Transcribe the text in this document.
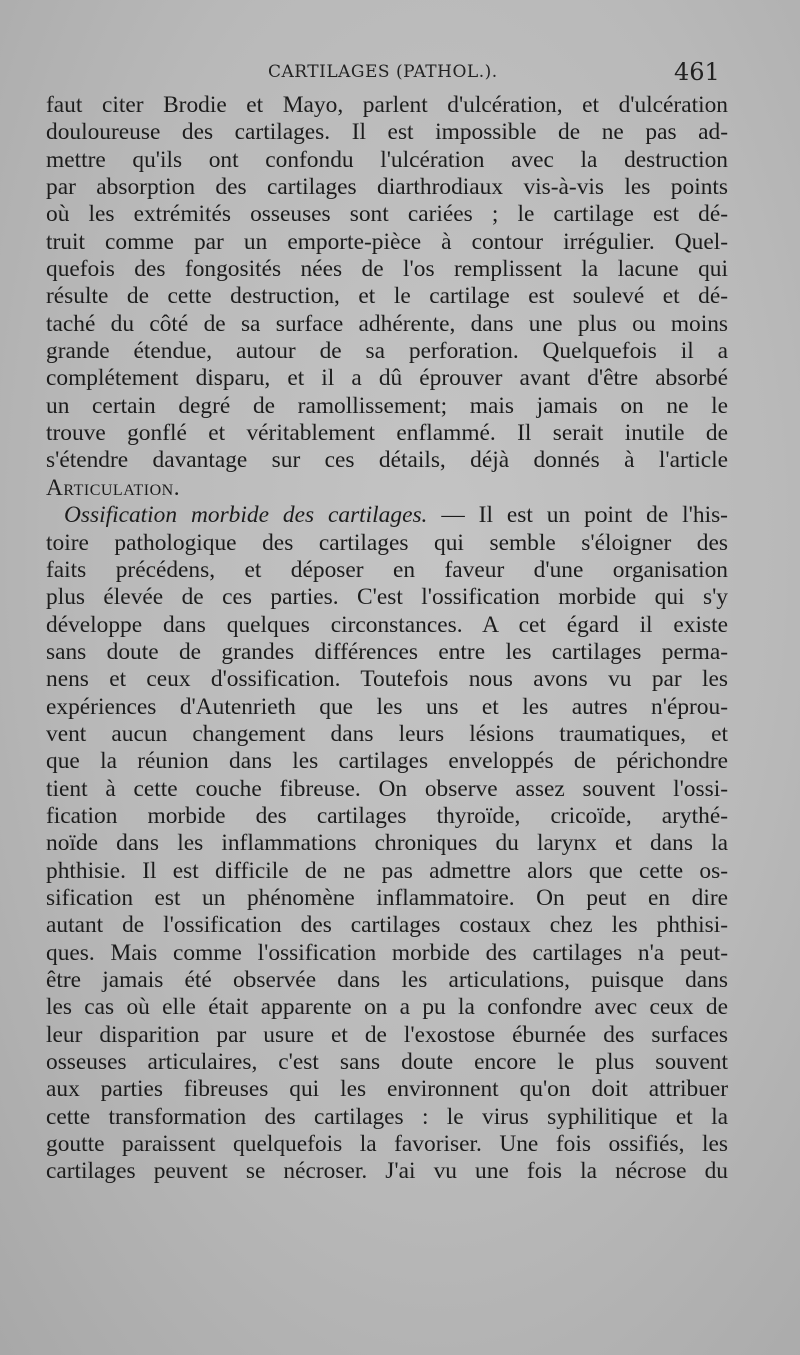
CARTILAGES (PATHOL.).	461
faut citer Brodie et Mayo, parlent d'ulcération, et d'ulcération
douloureuse des cartilages. Il est impossible de ne pas ad-
mettre qu'ils ont confondu l'ulcération avec la destruction
par absorption des cartilages diarthrodiaux vis-à-vis les points
où les extrémités osseuses sont cariées ; le cartilage est dé-
truit comme par un emporte-pièce à contour irrégulier. Quel-
quefois des fongosités nées de l'os remplissent la lacune qui
résulte de cette destruction, et le cartilage est soulevé et dé-
taché du côté de sa surface adhérente, dans une plus ou moins
grande étendue, autour de sa perforation. Quelquefois il a
complétement disparu, et il a dû éprouver avant d'être absorbé
un certain degré de ramollissement; mais jamais on ne le
trouve gonflé et véritablement enflammé. Il serait inutile de
s'étendre davantage sur ces détails, déjà donnés à l'article
Articulation.
Ossification morbide des cartilages. — Il est un point de l'his-
toire pathologique des cartilages qui semble s'éloigner des
faits précédens, et déposer en faveur d'une organisation
plus élevée de ces parties. C'est l'ossification morbide qui s'y
développe dans quelques circonstances. A cet égard il existe
sans doute de grandes différences entre les cartilages perma-
nens et ceux d'ossification. Toutefois nous avons vu par les
expériences d'Autenrieth que les uns et les autres n'éprou-
vent aucun changement dans leurs lésions traumatiques, et
que la réunion dans les cartilages enveloppés de périchondre
tient à cette couche fibreuse. On observe assez souvent l'ossi-
fication morbide des cartilages thyroïde, cricoïde, arythé-
noïde dans les inflammations chroniques du larynx et dans la
phthisie. Il est difficile de ne pas admettre alors que cette os-
sification est un phénomène inflammatoire. On peut en dire
autant de l'ossification des cartilages costaux chez les phthisi-
ques. Mais comme l'ossification morbide des cartilages n'a peut-
être jamais été observée dans les articulations, puisque dans
les cas où elle était apparente on a pu la confondre avec ceux de
leur disparition par usure et de l'exostose éburnée des surfaces
osseuses articulaires, c'est sans doute encore le plus souvent
aux parties fibreuses qui les environnent qu'on doit attribuer
cette transformation des cartilages : le virus syphilitique et la
goutte paraissent quelquefois la favoriser. Une fois ossifiés, les
cartilages peuvent se nécroser. J'ai vu une fois la nécrose du
